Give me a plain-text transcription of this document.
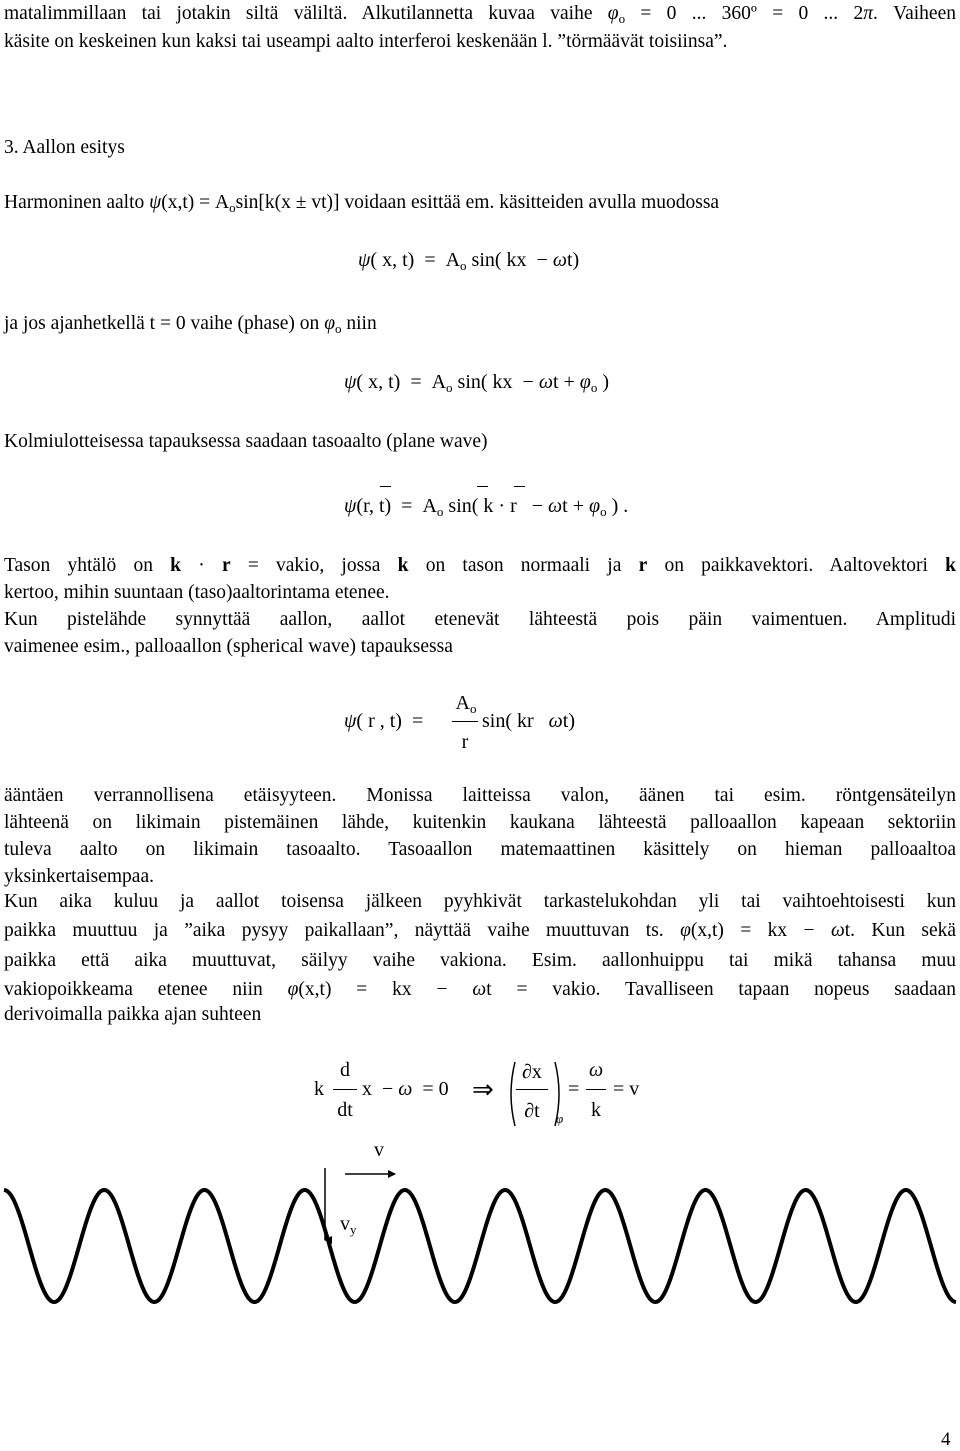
matalimmillaan tai jotakin siltä väliltä. Alkutilannetta kuvaa vaihe $\varphi_o = 0$ ... 360º = 0 ... 2π. Vaiheen
käsite on keskeinen kun kaksi tai useampi aalto interferoi keskenään l. ”törmäävät toisiinsa”.
3. Aallon esitys
Harmoninen aalto $\psi(x,t) = A_o\sin[k(x \pm vt)]$ voidaan esittää em. käsitteiden avulla muodossa
ψ( x, $t) = A_o$ sin( kx − ωt)
ja jos ajanhetkellä t = 0 vaihe (phase) on $\varphi_o$ niin
ψ( x, $t) = A_o$ sin( kx − $\omega t + \varphi_o$ )
Kolmiulotteisessa tapauksessa saadaan tasoaalto (plane wave)
ψ(r, $t) = A_o$ sin( $k \cdot r - \omega t + \varphi_o$ ) .
Tason yhtälö on k · r = vakio, jossa k on tason normaali ja r on paikkavektori. Aaltovektori k
kertoo, mihin suuntaan (taso)aaltorintama etenee.
Kun pistelähde synnyttää aallon, aallot etenevät lähteestä pois päin vaimentuen. Amplitudi
vaimenee esim., palloaallon (spherical wave) tapauksessa
ψ( r , t) =
$A_o$
r
sin( kr ωt)
ääntäen verrannollisena etäisyyteen. Monissa laitteissa valon, äänen tai esim. röntgensäteilyn
lähteenä on likimain pistemäinen lähde, kuitenkin kaukana lähteestä palloaallon kapeaan sektoriin
tuleva aalto on likimain tasoaalto. Tasoaallon matemaattinen käsittely on hieman palloaaltoa
yksinkertaisempaa.
Kun aika kuluu ja aallot toisensa jälkeen pyyhkivät tarkastelukohdan yli tai vaihtoehtoisesti kun
paikka muuttuu ja ”aika pysyy paikallaan”, näyttää vaihe muuttuvan ts. φ(x,t) = kx − ωt. Kun sekä
paikka että aika muuttuvat, säilyy vaihe vakiona. Esim. aallonhuippu tai mikä tahansa muu
vakiopoikkeama etenee niin φ(x,t) = kx − ωt = vakio. Tavalliseen tapaan nopeus saadaan
derivoimalla paikka ajan suhteen
k
d
dt
x − ω = 0 ⇒
∂x
∂t	φ
=
ω
k
= v
v
$v_y$
4
